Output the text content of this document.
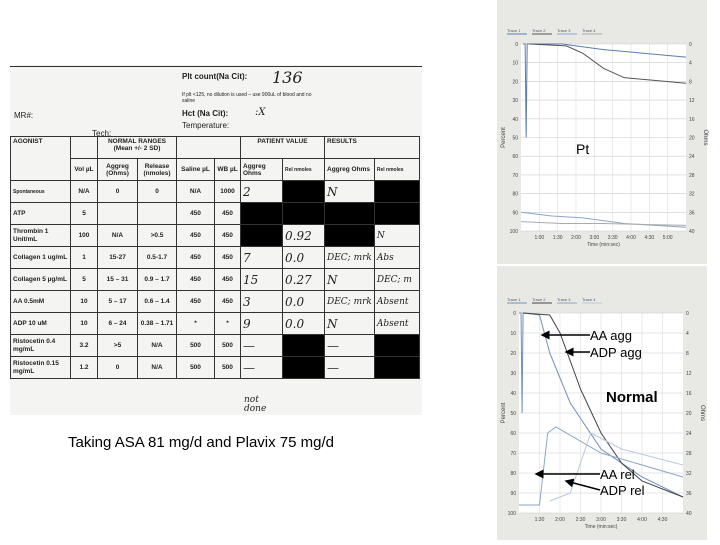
Plt count(Na Cit): 136
If plt <125, no dilution is used – use 900uL of blood and no saline
MR#:	Hct (Na Cit):	:X
Temperature:
Tech:
AGONIST		NORMAL RANGES (Mean +/- 2 SD)				PATIENT VALUE		RESULTS	
	Vol µL	Aggreg (Ohms)	Release (nmoles)	Saline µL	WB µL	Aggreg Ohms	Rel nmoles	Aggreg Ohms	Rel nmoles
Spontaneous	N/A	0	0	N/A	1000	2		N	
ATP	5			450	450				
Thrombin 1 Unit/mL	100	N/A	>0.5	450	450		0.92		N
Collagen 1 ug/mL	1	15-27	0.5-1.7	450	450	7	0.0	DEC; mrk	Abs
Collagen 5 µg/mL	5	15 – 31	0.9 – 1.7	450	450	15	0.27	N	DEC; m
AA 0.5mM	10	5 – 17	0.6 – 1.4	450	450	3	0.0	DEC; mrk	Absent
ADP 10 uM	10	6 – 24	0.38 – 1.71	*	*	9	0.0	N	Absent
Ristocetin 0.4 mg/mL	3.2	>5	N/A	500	500	—		—	
Ristocetin 0.15 mg/mL	1.2	0	N/A	500	500	—		—	
not done
Taking ASA 81 mg/d and Plavix 75 mg/d
Trace 1	Trace 2	Trace 3	Trace 4
0	0
10	4
20	8
30	12
40	16
50	20
60	24
70	28
80	32
90	36
100	40
1:00 1:30 2:00 3:00 3:30 4:00 4:30 5:00
Time (min:sec)
Percent	Ohms
Trace 1	Trace 2	Trace 3	Trace 4
0	0
10	4
20	8
30	12
40	16
50	20
60	24
70	28
80	32
90	36
100	40
1:30 2:00 2:30 3:00 3:30 4:00 4:30
Time (min:sec)
Percent	Ohms
Pt
Normal
AA agg
ADP agg
AA rel
ADP rel
